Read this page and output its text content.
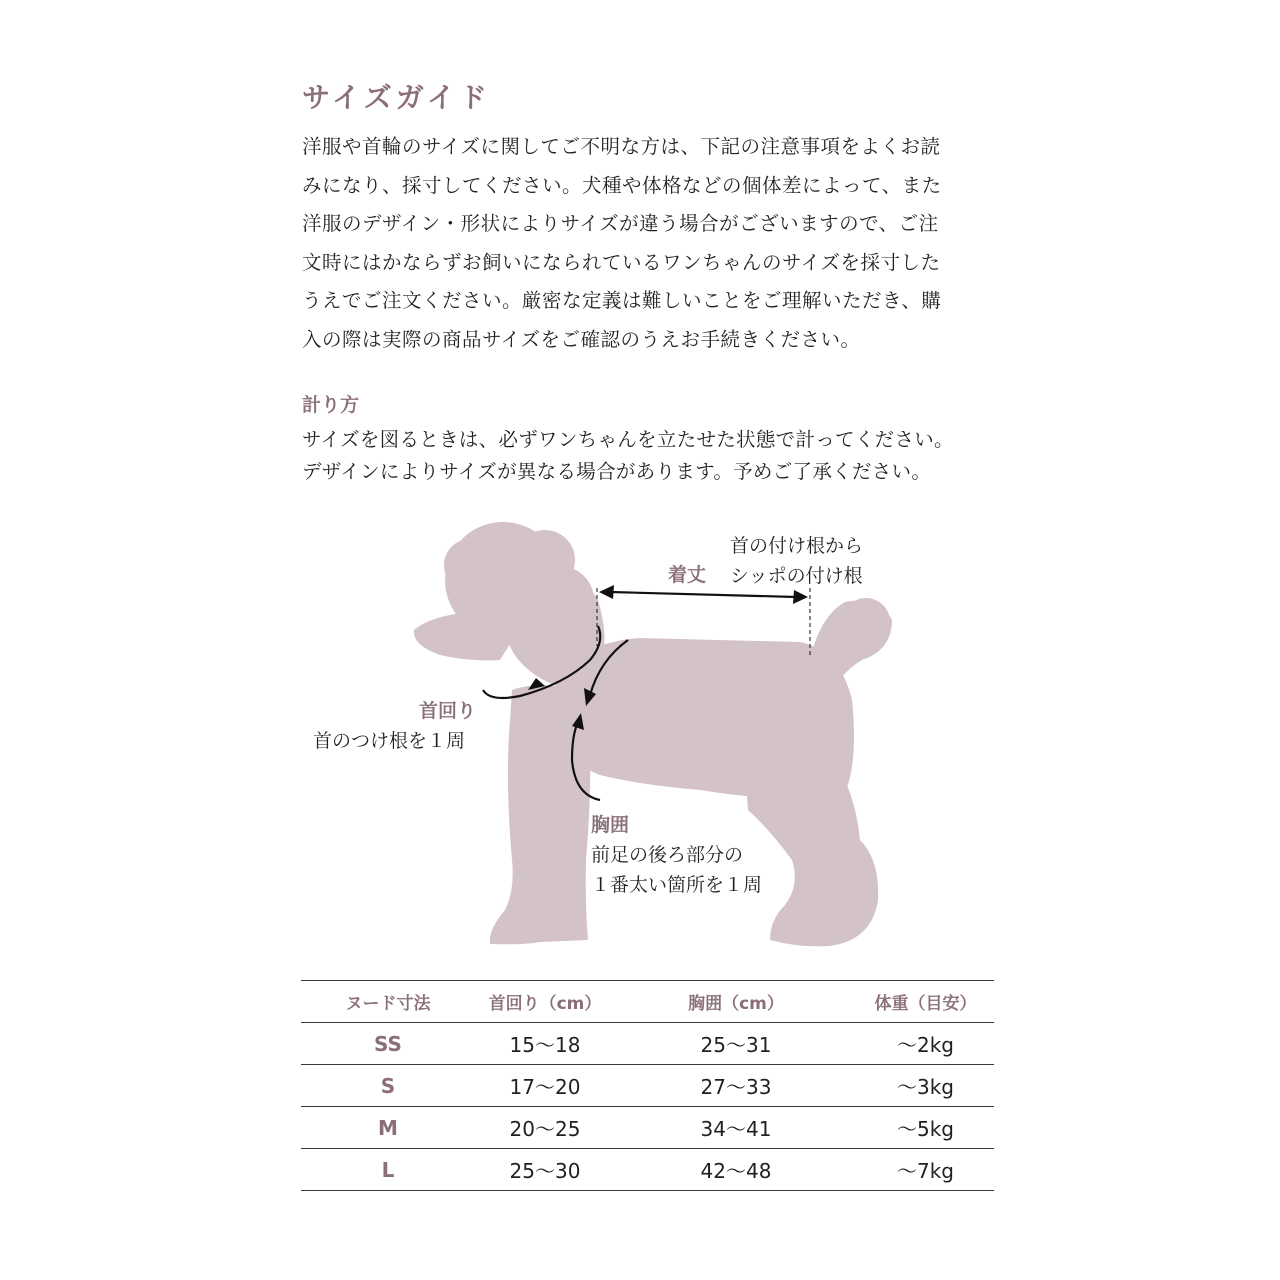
サイズガイド

洋服や首輪のサイズに関してご不明な方は、下記の注意事項をよくお読
みになり、採寸してください。犬種や体格などの個体差によって、また
洋服のデザイン・形状によりサイズが違う場合がございますので、ご注
文時にはかならずお飼いになられているワンちゃんのサイズを採寸した
うえでご注文ください。厳密な定義は難しいことをご理解いただき、購
入の際は実際の商品サイズをご確認のうえお手続きください。

計り方

サイズを図るときは、必ずワンちゃんを立たせた状態で計ってください。
デザインによりサイズが異なる場合があります。予めご了承ください。

着丈
首の付け根から
シッポの付け根
首回り
首のつけ根を１周
胸囲
前足の後ろ部分の
１番太い箇所を１周
ヌード寸法	首回り（cm）	胸囲（cm）	体重（目安）
SS	15～18	25～31	～2kg
S	17～20	27～33	～3kg
M	20～25	34～41	～5kg
L	25～30	42～48	～7kg
